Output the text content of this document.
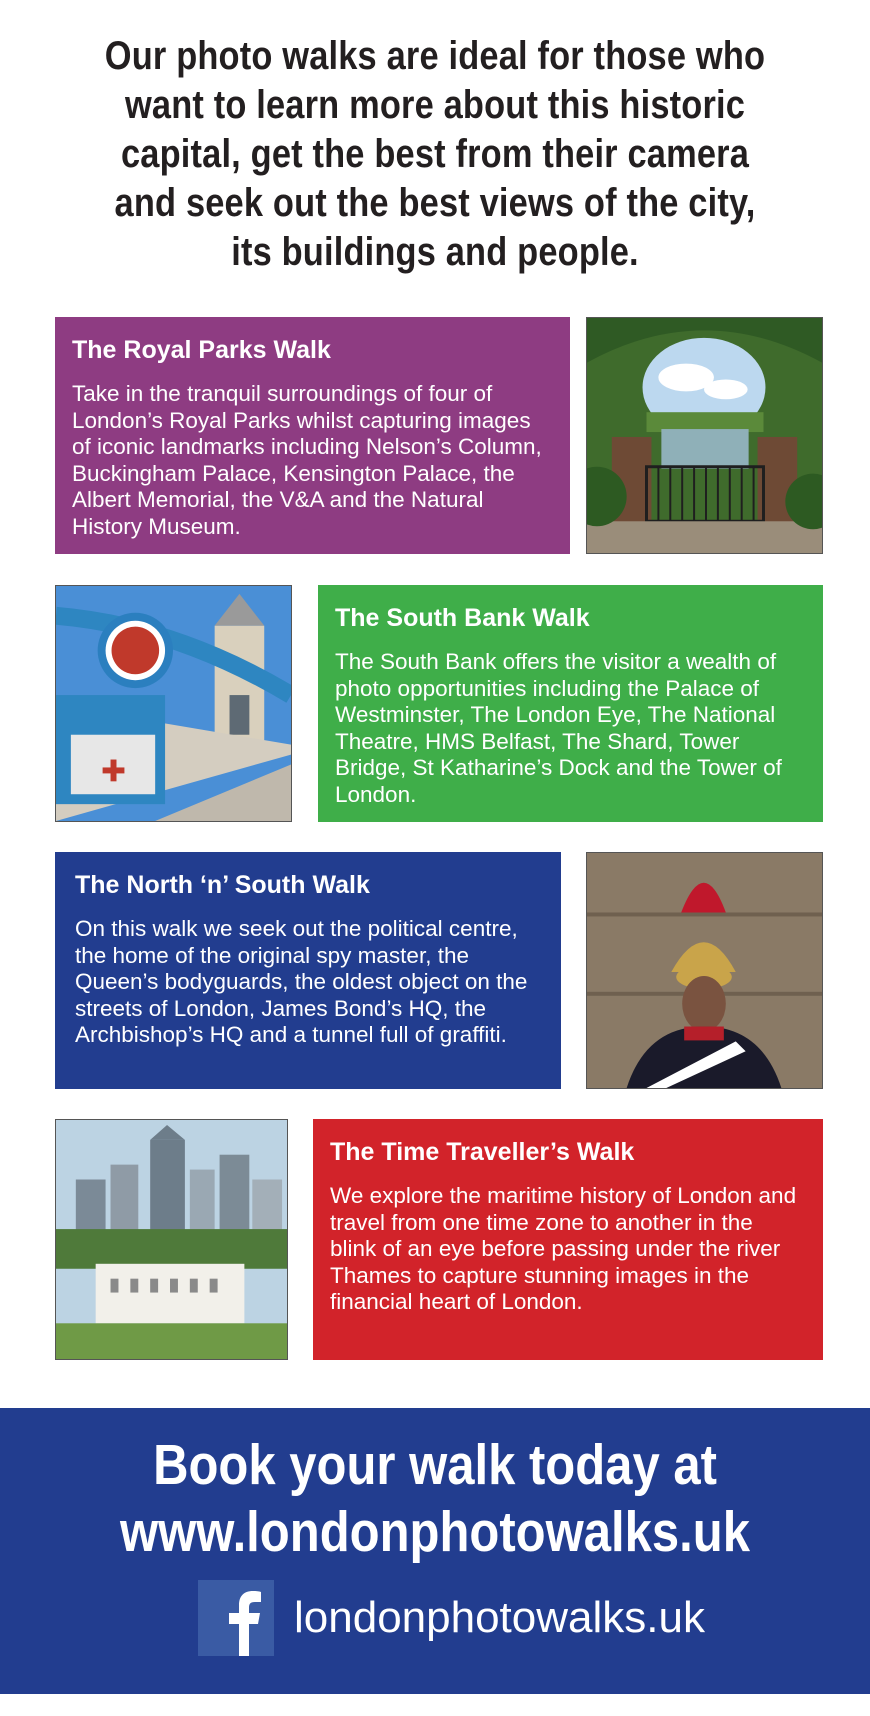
Our photo walks are ideal for those who want to learn more about this historic capital, get the best from their camera and seek out the best views of the city, its buildings and people.
The Royal Parks Walk

Take in the tranquil surroundings of four of London’s Royal Parks whilst capturing images of iconic landmarks including Nelson’s Column, Buckingham Palace, Kensington Palace, the Albert Memorial, the V&A and the Natural History Museum.

The South Bank Walk

The South Bank offers the visitor a wealth of photo opportunities including the Palace of Westminster, The London Eye, The National Theatre, HMS Belfast, The Shard, Tower Bridge, St Katharine’s Dock and the Tower of London.

The North ‘n’ South Walk

On this walk we seek out the political centre, the home of the original spy master, the Queen’s bodyguards, the oldest object on the streets of London, James Bond’s HQ, the Archbishop’s HQ and a tunnel full of graffiti.

The Time Traveller’s Walk

We explore the maritime history of London and travel from one time zone to another in the blink of an eye before passing under the river Thames to capture stunning images in the financial heart of London.

Book your walk today at
www.londonphotowalks.uk
londonphotowalks.uk
